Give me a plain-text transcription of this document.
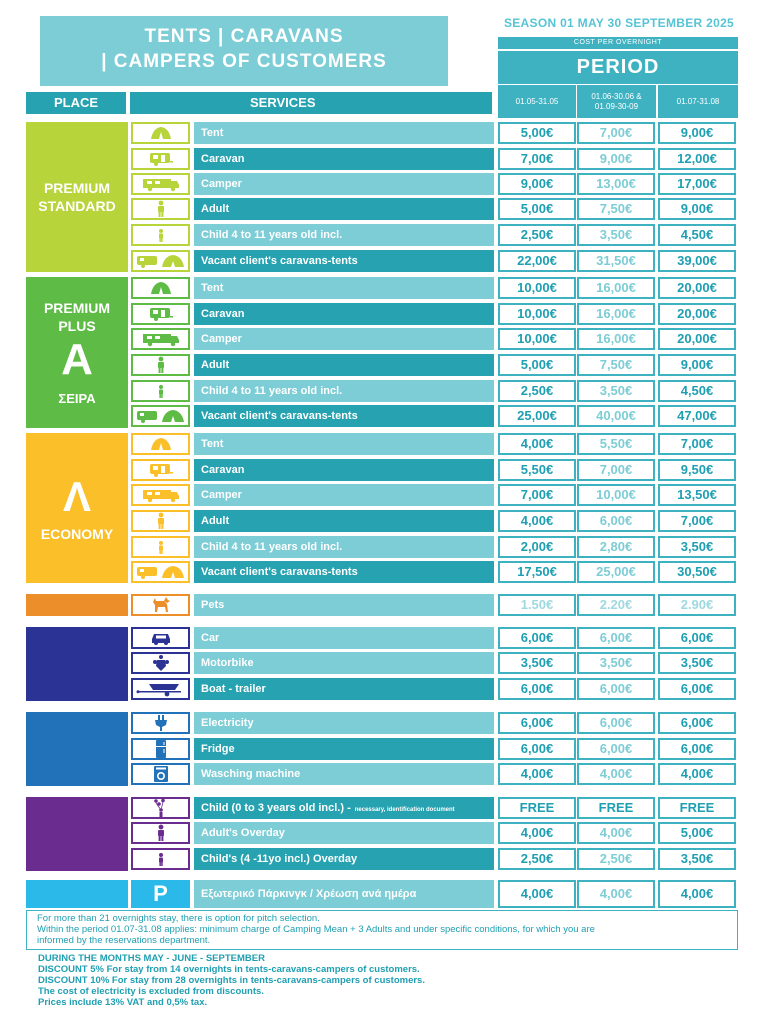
TENTS | CARAVANS
| CAMPERS OF CUSTOMERS
SEASON 01 MAY 30 SEPTEMBER 2025
COST PER OVERNIGHT
PERIOD
01.05-31.05
01.06-30.06 &
01.09-30-09
01.07-31.08
PLACE	SERVICES
PREMIUM
STANDARD
PREMIUM
PLUS
A
ΣΕΙΡΑ
Λ
ECONOMY
Tent	5,00€	7,00€	9,00€
Caravan	7,00€	9,00€	12,00€
Camper	9,00€	13,00€	17,00€
Adult	5,00€	7,50€	9,00€
Child 4 to 11 years old incl.	2,50€	3,50€	4,50€
Vacant client's caravans-tents	22,00€	31,50€	39,00€
Tent	10,00€	16,00€	20,00€
Caravan	10,00€	16,00€	20,00€
Camper	10,00€	16,00€	20,00€
Adult	5,00€	7,50€	9,00€
Child 4 to 11 years old incl.	2,50€	3,50€	4,50€
Vacant client's caravans-tents	25,00€	40,00€	47,00€
Tent	4,00€	5,50€	7,00€
Caravan	5,50€	7,00€	9,50€
Camper	7,00€	10,00€	13,50€
Adult	4,00€	6,00€	7,00€
Child 4 to 11 years old incl.	2,00€	2,80€	3,50€
Vacant client's caravans-tents	17,50€	25,00€	30,50€
Pets	1.50€	2.20€	2.90€
Car	6,00€	6,00€	6,00€
Motorbike	3,50€	3,50€	3,50€
Boat - trailer	6,00€	6,00€	6,00€
Electricity	6,00€	6,00€	6,00€
Fridge	6,00€	6,00€	6,00€
Wasching machine	4,00€	4,00€	4,00€
Child (0 to 3 years old incl.) - necessary, identification document	FREE	FREE	FREE
Adult's Overday	4,00€	4,00€	5,00€
Child's (4 -11yo incl.) Overday	2,50€	2,50€	3,50€
P	Εξωτερικό Πάρκινγκ / Χρέωση ανά ημέρα	4,00€	4,00€	4,00€
For more than 21 overnights stay, there is option for pitch selection.
Within the period 01.07-31.08 applies: minimum charge of Camping Mean + 3 Adults and under specific conditions, for which you are
informed by the reservations department.
DURING THE MONTHS MAY - JUNE - SEPTEMBER
DISCOUNT 5% For stay from 14 overnights in tents-caravans-campers of customers.
DISCOUNT 10% For stay from 28 overnights in tents-caravans-campers of customers.
The cost of electricity is excluded from discounts.
Prices include 13% VAT and 0,5% tax.
